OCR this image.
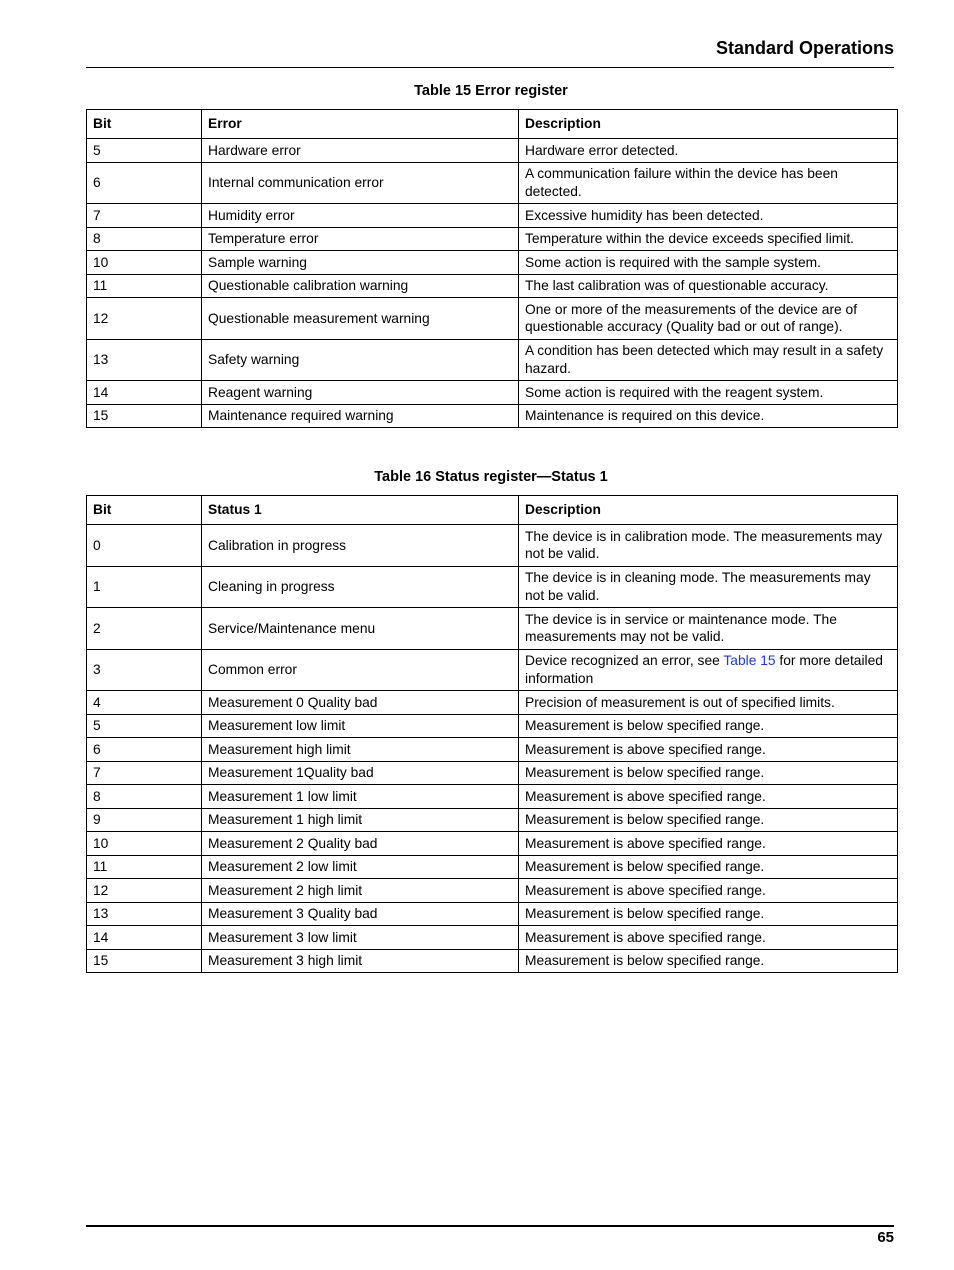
Standard Operations
Table 15 Error register
Bit	Error	Description
5	Hardware error	Hardware error detected.
6	Internal communication error	A communication failure within the device has been detected.
7	Humidity error	Excessive humidity has been detected.
8	Temperature error	Temperature within the device exceeds specified limit.
10	Sample warning	Some action is required with the sample system.
11	Questionable calibration warning	The last calibration was of questionable accuracy.
12	Questionable measurement warning	One or more of the measurements of the device are of questionable accuracy (Quality bad or out of range).
13	Safety warning	A condition has been detected which may result in a safety hazard.
14	Reagent warning	Some action is required with the reagent system.
15	Maintenance required warning	Maintenance is required on this device.
Table 16 Status register—Status 1
Bit	Status 1	Description
0	Calibration in progress	The device is in calibration mode. The measurements may not be valid.
1	Cleaning in progress	The device is in cleaning mode. The measurements may not be valid.
2	Service/Maintenance menu	The device is in service or maintenance mode. The measurements may not be valid.
3	Common error	Device recognized an error, see Table 15 for more detailed information
4	Measurement 0 Quality bad	Precision of measurement is out of specified limits.
5	Measurement low limit	Measurement is below specified range.
6	Measurement high limit	Measurement is above specified range.
7	Measurement 1Quality bad	Measurement is below specified range.
8	Measurement 1 low limit	Measurement is above specified range.
9	Measurement 1 high limit	Measurement is below specified range.
10	Measurement 2 Quality bad	Measurement is above specified range.
11	Measurement 2 low limit	Measurement is below specified range.
12	Measurement 2 high limit	Measurement is above specified range.
13	Measurement 3 Quality bad	Measurement is below specified range.
14	Measurement 3 low limit	Measurement is above specified range.
15	Measurement 3 high limit	Measurement is below specified range.
65
